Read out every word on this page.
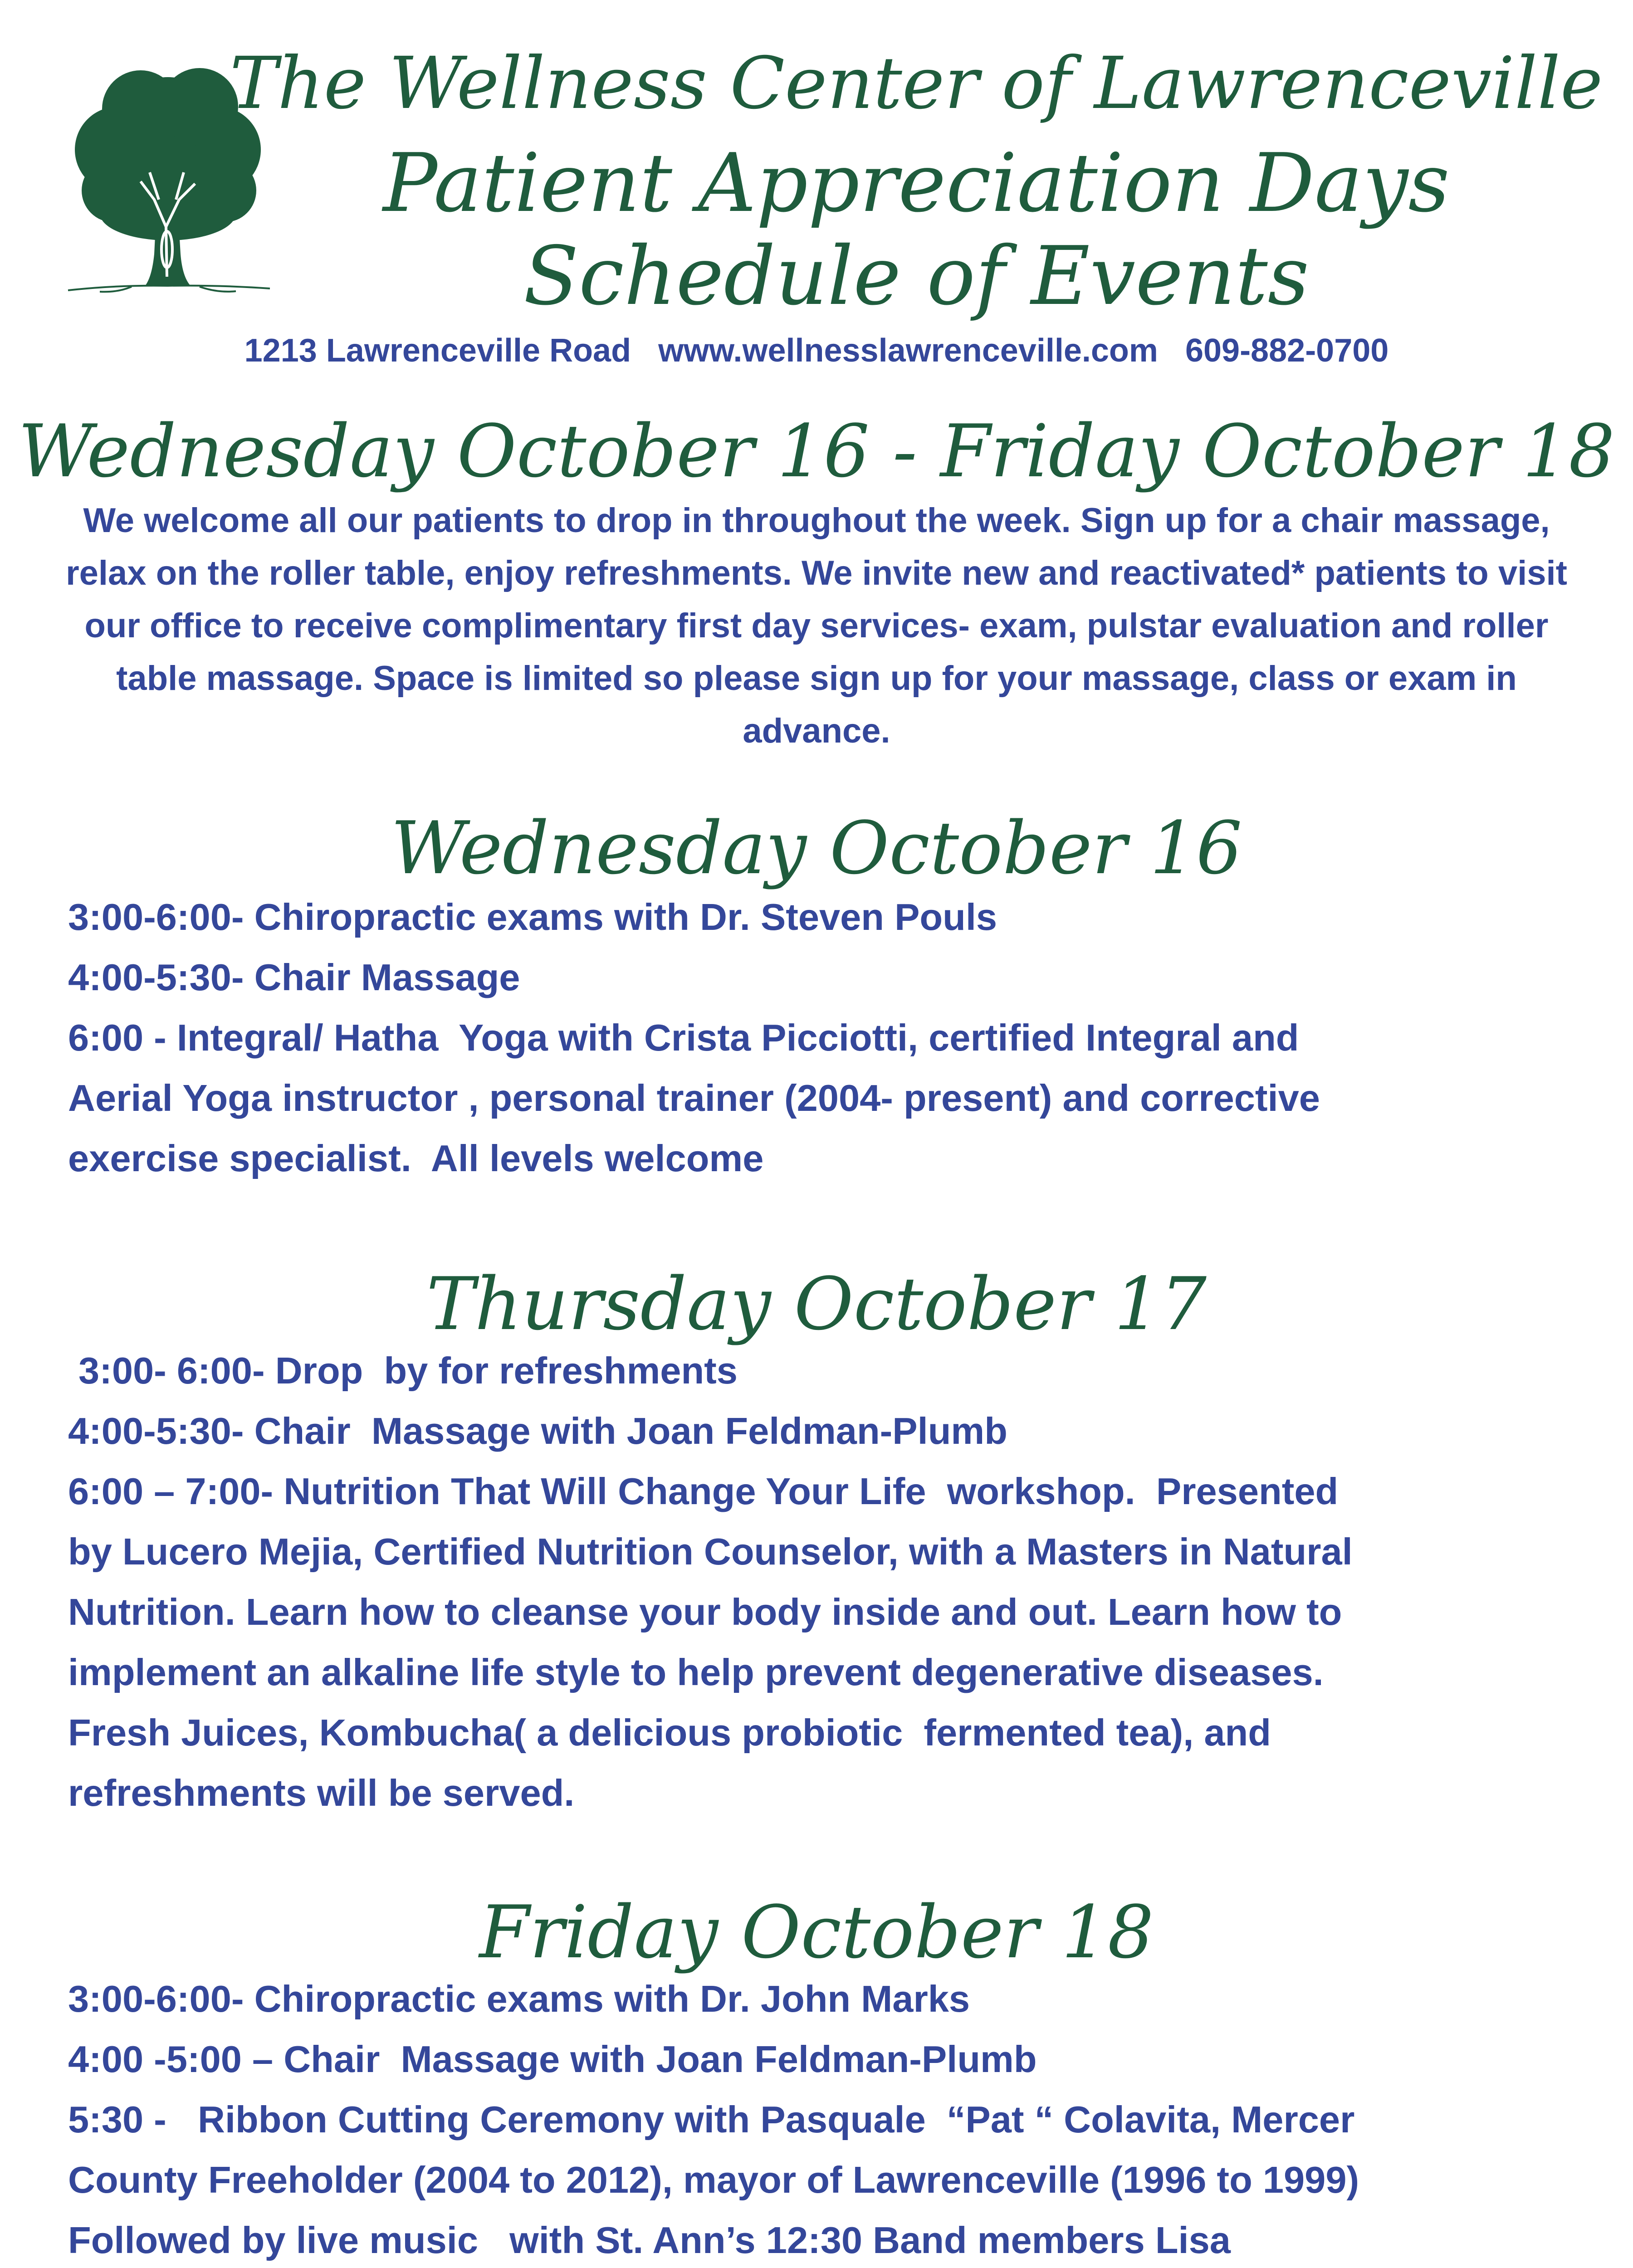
The Wellness Center of Lawrenceville
Patient Appreciation Days
Schedule of Events
1213 Lawrenceville Road www.wellnesslawrenceville.com 609-882-0700
Wednesday October 16 - Friday October 18
We welcome all our patients to drop in throughout the week. Sign up for a chair massage, relax on the roller table, enjoy refreshments. We invite new and reactivated* patients to visit our office to receive complimentary first day services- exam, pulstar evaluation and roller table massage. Space is limited so please sign up for your massage, class or exam in advance.
Wednesday October 16
3:00-6:00- Chiropractic exams with Dr. Steven Pouls
4:00-5:30- Chair Massage
6:00 - Integral/ Hatha  Yoga with Crista Picciotti, certified Integral and
Aerial Yoga instructor , personal trainer (2004- present) and corrective
exercise specialist.  All levels welcome
Thursday October 17
3:00- 6:00- Drop  by for refreshments
4:00-5:30- Chair  Massage with Joan Feldman-Plumb
6:00 – 7:00- Nutrition That Will Change Your Life  workshop.  Presented
by Lucero Mejia, Certified Nutrition Counselor, with a Masters in Natural
Nutrition. Learn how to cleanse your body inside and out. Learn how to
implement an alkaline life style to help prevent degenerative diseases.
Fresh Juices, Kombucha( a delicious probiotic  fermented tea), and
refreshments will be served.
Friday October 18
3:00-6:00- Chiropractic exams with Dr. John Marks
4:00 -5:00 – Chair  Massage with Joan Feldman-Plumb
5:30 -   Ribbon Cutting Ceremony with Pasquale  “Pat “ Colavita, Mercer
County Freeholder (2004 to 2012), mayor of Lawrenceville (1996 to 1999)
Followed by live music   with St. Ann’s 12:30 Band members Lisa
